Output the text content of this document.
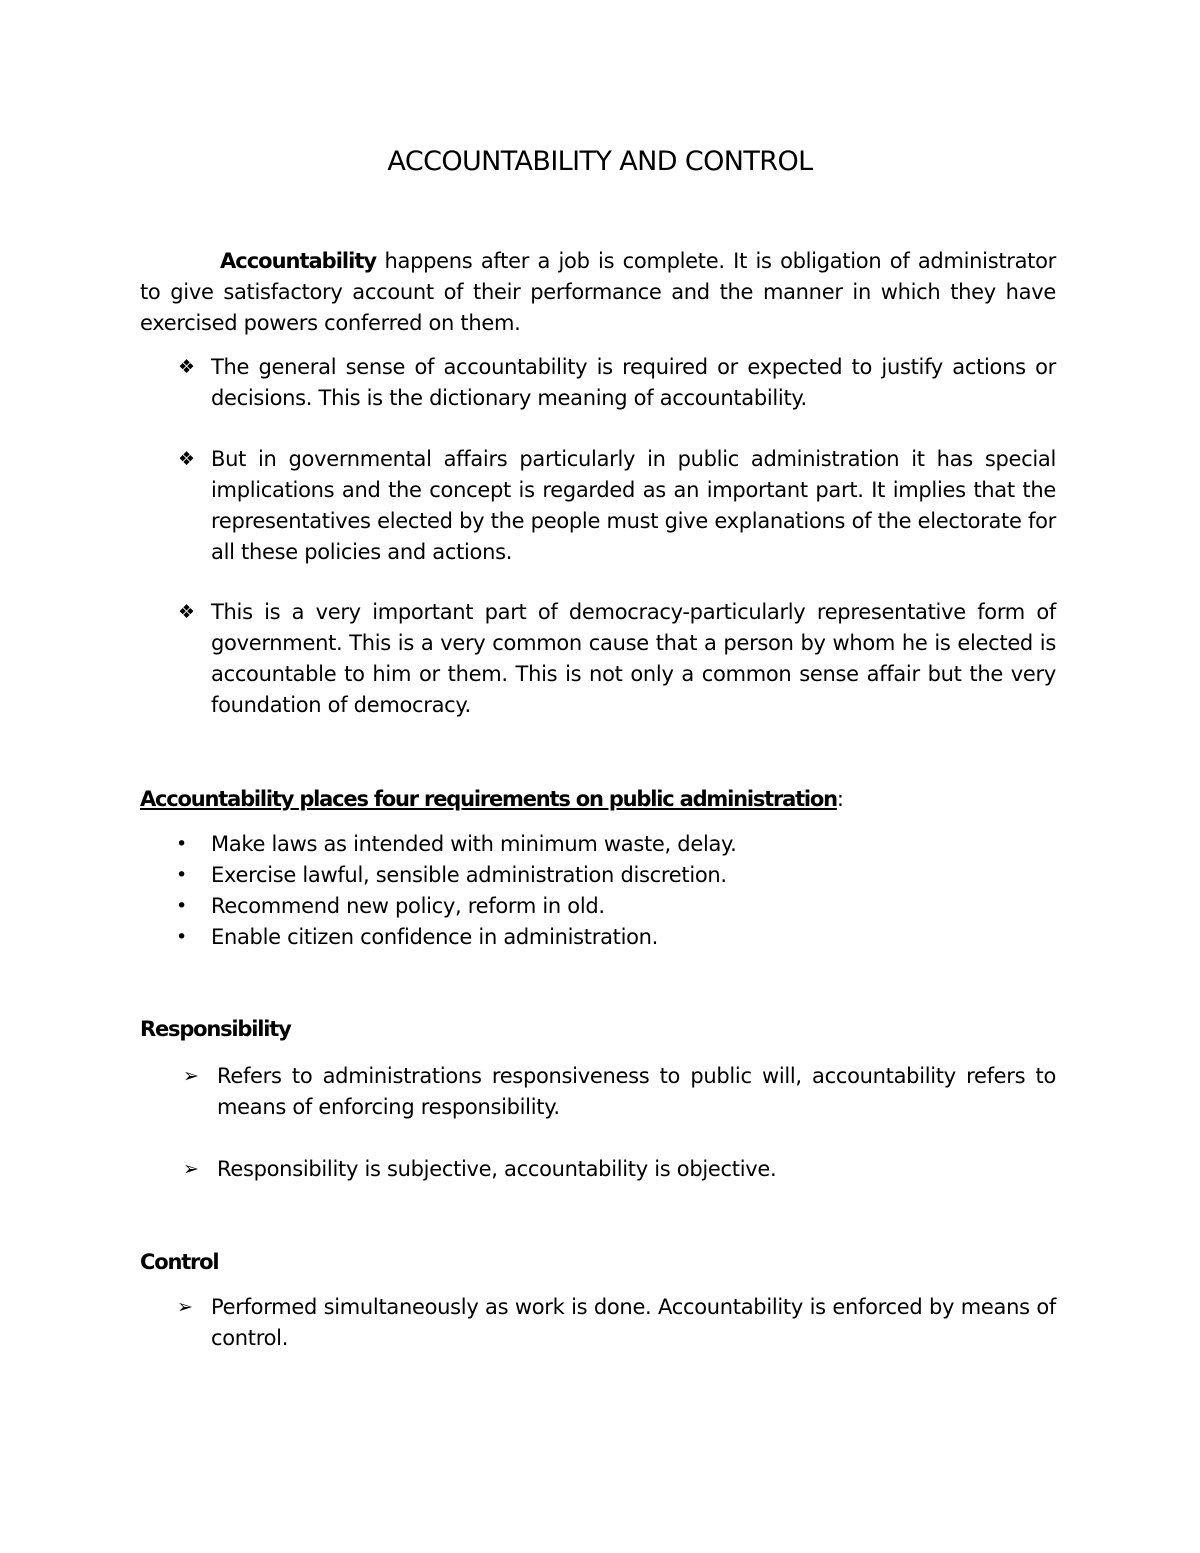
ACCOUNTABILITY AND CONTROL
Accountability happens after a job is complete. It is obligation of administrator to give satisfactory account of their performance and the manner in which they have exercised powers conferred on them.
❖ The general sense of accountability is required or expected to justify actions or decisions. This is the dictionary meaning of accountability.
❖ But in governmental affairs particularly in public administration it has special implications and the concept is regarded as an important part. It implies that the representatives elected by the people must give explanations of the electorate for all these policies and actions.
❖ This is a very important part of democracy-particularly representative form of government. This is a very common cause that a person by whom he is elected is accountable to him or them. This is not only a common sense affair but the very foundation of democracy.
Accountability places four requirements on public administration:
• Make laws as intended with minimum waste, delay.
• Exercise lawful, sensible administration discretion.
• Recommend new policy, reform in old.
• Enable citizen confidence in administration.
Responsibility
➢ Refers to administrations responsiveness to public will, accountability refers to means of enforcing responsibility.
➢ Responsibility is subjective, accountability is objective.
Control
➢ Performed simultaneously as work is done. Accountability is enforced by means of control.
